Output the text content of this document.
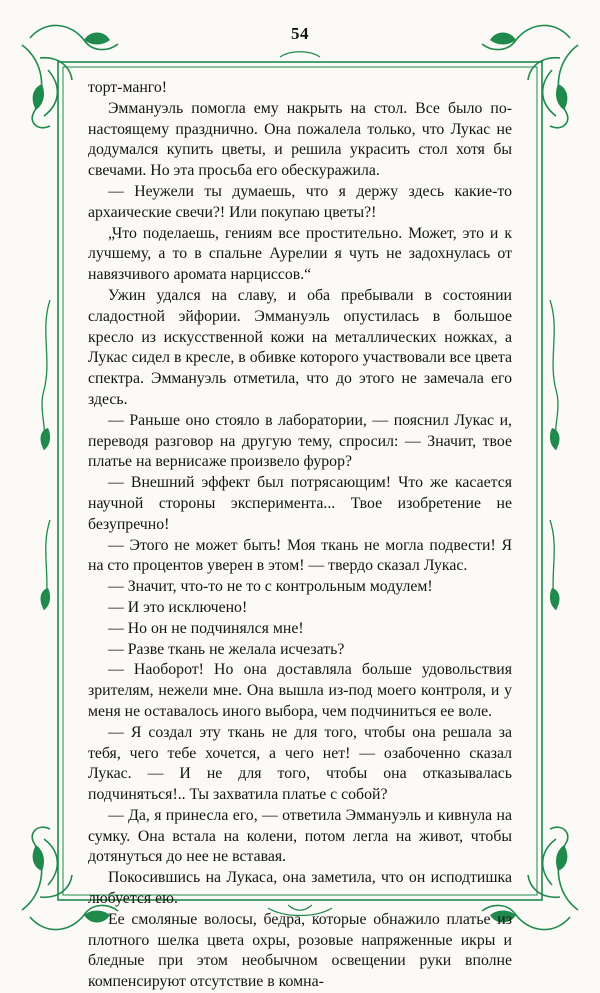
54

торт-манго!

Эммануэль помогла ему накрыть на стол. Все было по-настоящему празднично. Она пожалела только, что Лукас не додумался купить цветы, и решила украсить стол хотя бы свечами. Но эта просьба его обескуражила.

— Неужели ты думаешь, что я держу здесь какие-то архаические свечи?! Или покупаю цветы?!

„Что поделаешь, гениям все простительно. Может, это и к лучшему, а то в спальне Аурелии я чуть не задохнулась от навязчивого аромата нарциссов.“

Ужин удался на славу, и оба пребывали в состоянии сладостной эйфории. Эммануэль опустилась в большое кресло из искусственной кожи на металлических ножках, а Лукас сидел в кресле, в обивке которого участвовали все цвета спектра. Эммануэль отметила, что до этого не замечала его здесь.

— Раньше оно стояло в лаборатории, — пояснил Лукас и, переводя разговор на другую тему, спросил: — Значит, твое платье на вернисаже произвело фурор?

— Внешний эффект был потрясающим! Что же касается научной стороны эксперимента... Твое изобретение не безупречно!

— Этого не может быть! Моя ткань не могла подвести! Я на сто процентов уверен в этом! — твердо сказал Лукас.

— Значит, что-то не то с контрольным модулем!

— И это исключено!

— Но он не подчинялся мне!

— Разве ткань не желала исчезать?

— Наоборот! Но она доставляла больше удовольствия зрителям, нежели мне. Она вышла из-под моего контроля, и у меня не оставалось иного выбора, чем подчиниться ее воле.

— Я создал эту ткань не для того, чтобы она решала за тебя, чего тебе хочется, а чего нет! — озабоченно сказал Лукас. — И не для того, чтобы она отказывалась подчиняться!.. Ты захватила платье с собой?

— Да, я принесла его, — ответила Эммануэль и кивнула на сумку. Она встала на колени, потом легла на живот, чтобы дотянуться до нее не вставая.

Покосившись на Лукаса, она заметила, что он исподтишка любуется ею.

Ее смоляные волосы, бедра, которые обнажило платье из плотного шелка цвета охры, розовые напряженные икры и бледные при этом необычном освещении руки вполне компенсируют отсутствие в комна-
